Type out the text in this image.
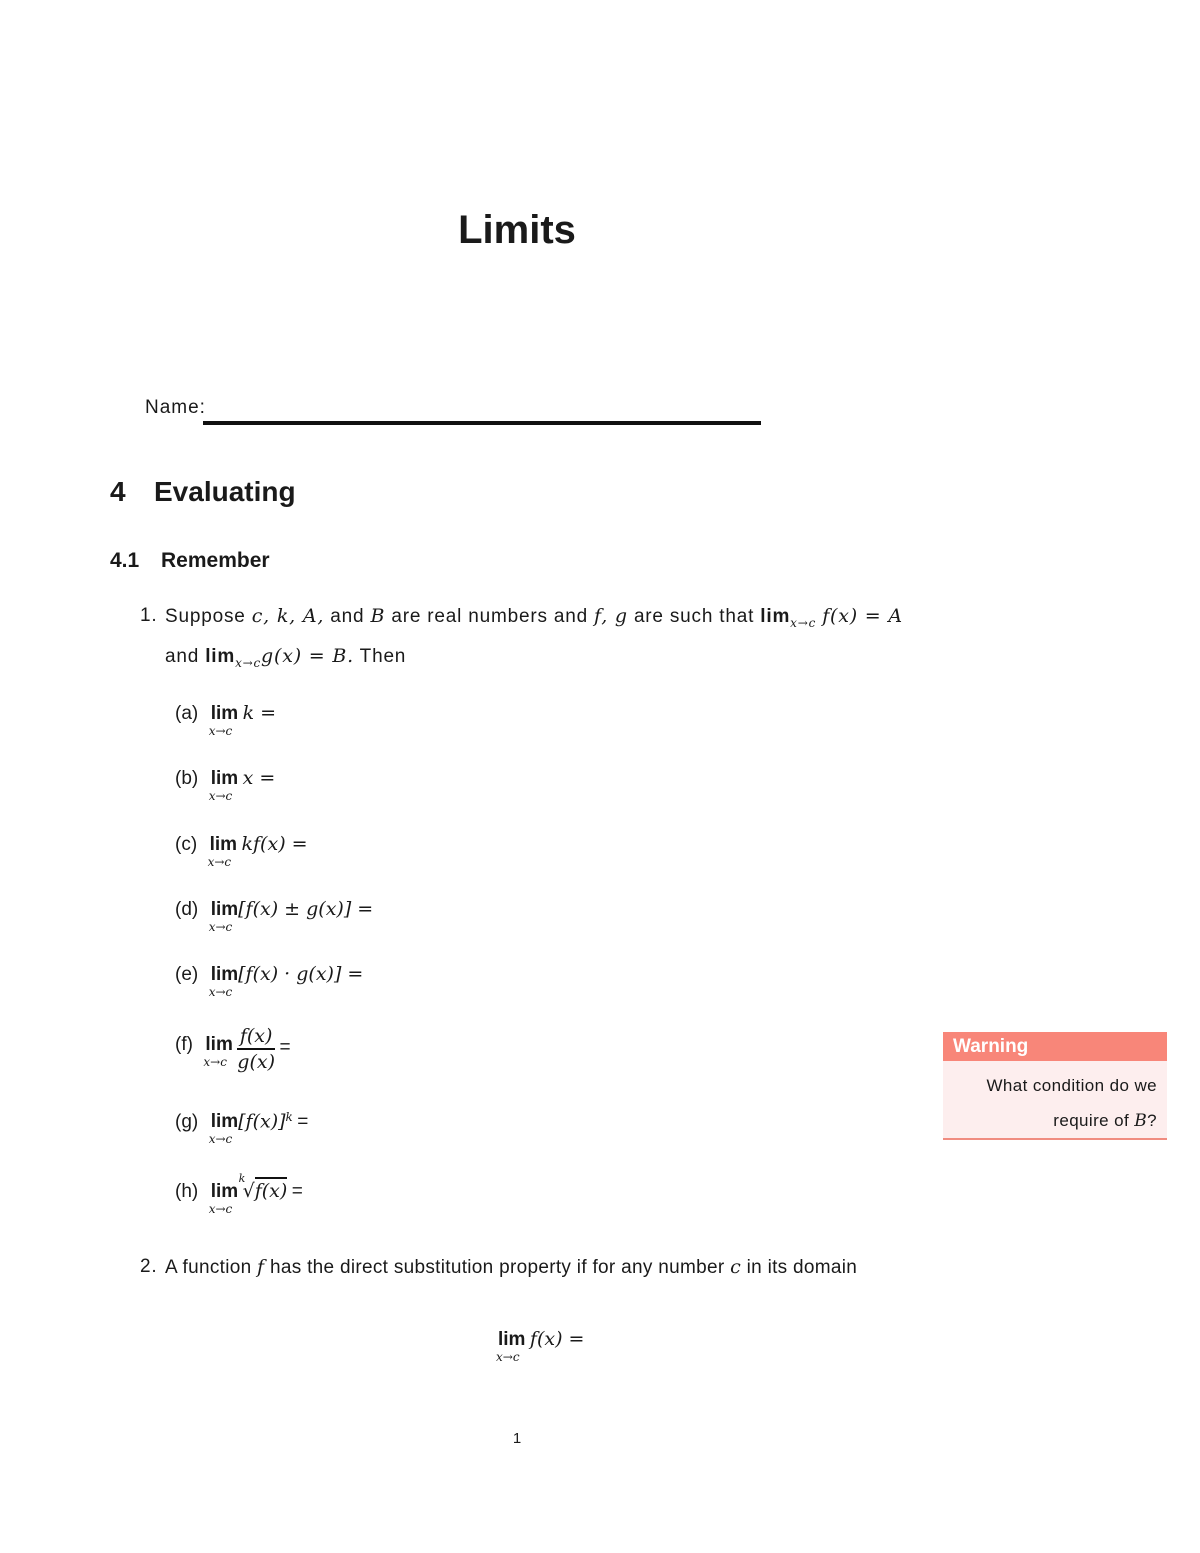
Limits
Name:
4 Evaluating
4.1 Remember
1. Suppose c, k, A, and B are real numbers and f, g are such that $\lim_{x\to c} f(x) = A$
and $\lim_{x\to c}g(x) = B$. Then
(a) lim
x→c
k =
(b) lim
x→c
x =
(c) lim
x→c
kf(x) =
(d) lim
x→c
[f(x) ± g(x)] =
(e) lim
x→c
[f(x) · g(x)] =
(f) lim
x→c
$\frac{f(x)}{g(x)}$ =
(g) lim
x→c
$[f(x)]^k$ =
(h) lim
x→c

k
√f(x) =
2. A function f has the direct substitution property if for any number c in its domain
lim
x→c
f(x) =
Warning
What condition do we
require of B?
1
